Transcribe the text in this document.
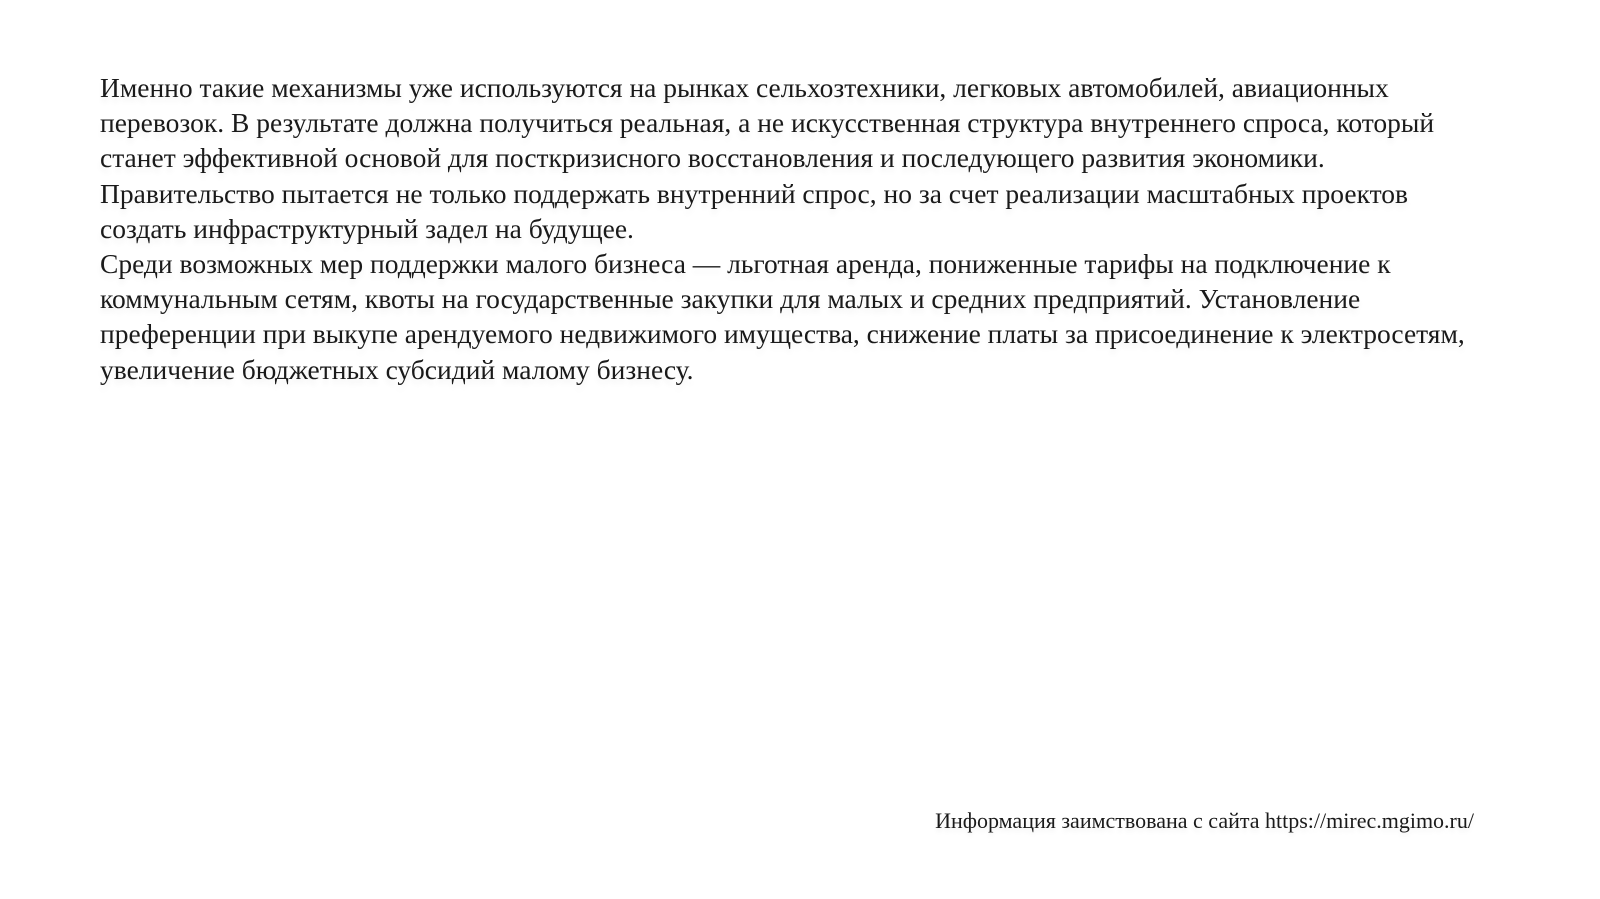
Именно такие механизмы уже используются на рынках сельхозтехники, легковых автомобилей, авиационных перевозок. В результате должна получиться реальная, а не искусственная структура внутреннего спроса, который станет эффективной основой для посткризисного восстановления и последующего развития экономики. Правительство пытается не только поддержать внутренний спрос, но за счет реализации масштабных проектов создать инфраструктурный задел на будущее.

Среди возможных мер поддержки малого бизнеса — льготная аренда, пониженные тарифы на подключение к коммунальным сетям, квоты на государственные закупки для малых и средних предприятий. Установление преференции при выкупе арендуемого недвижимого имущества, снижение платы за присоединение к электросетям, увеличение бюджетных субсидий малому бизнесу.

Информация заимствована с сайта https://mirec.mgimo.ru/
